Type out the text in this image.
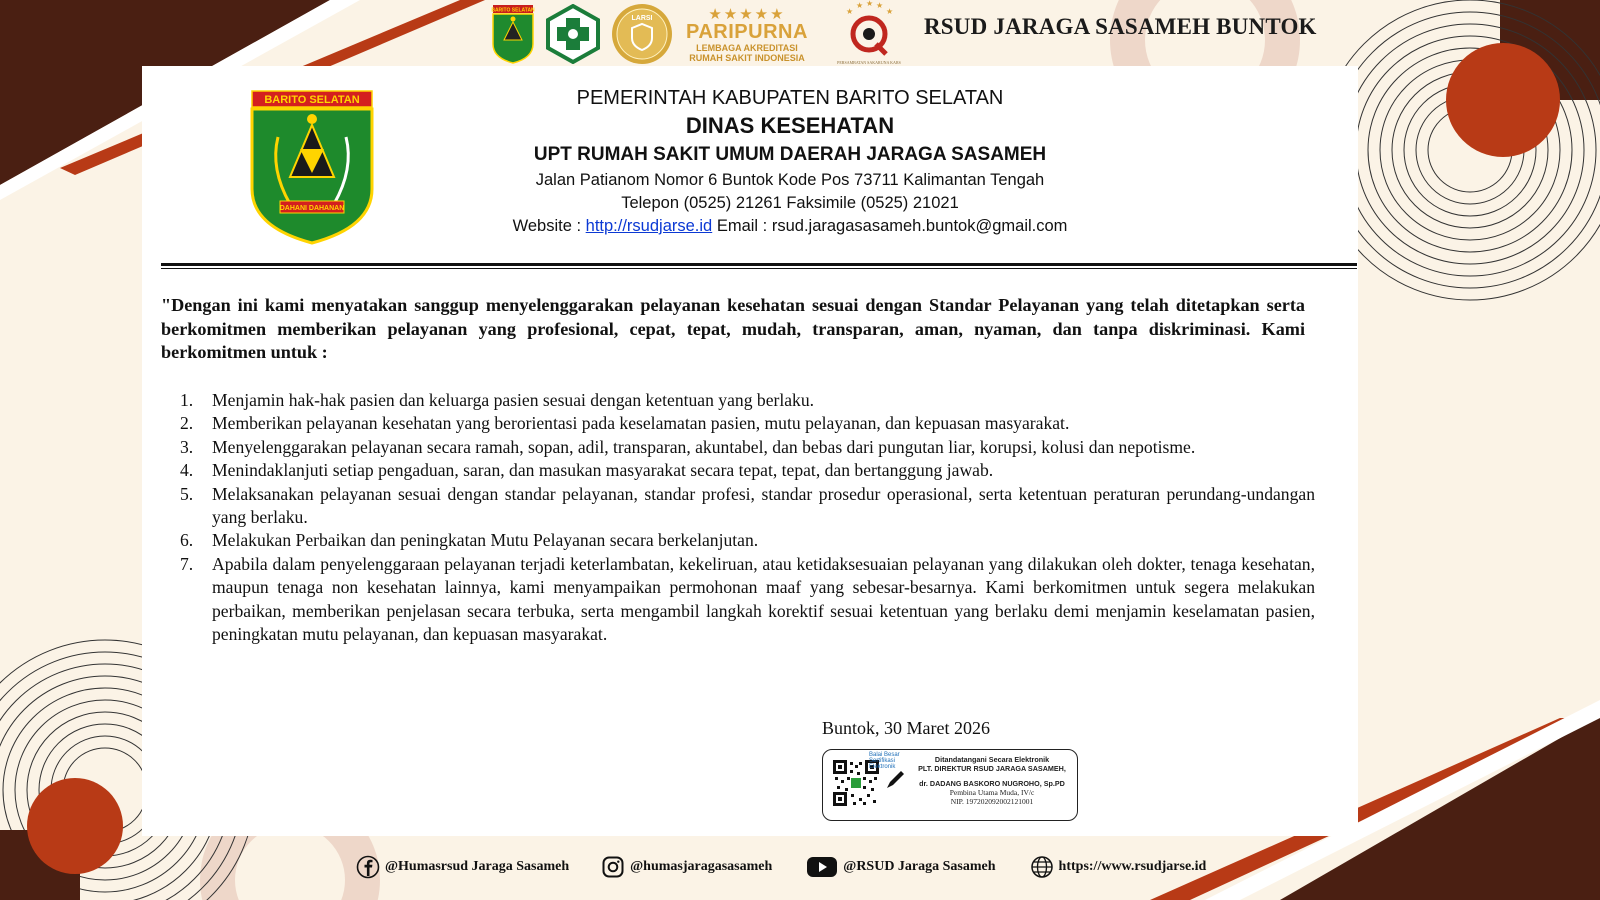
BARITO SELATAN
LARSI	★★★★★
PARIPURNA
LEMBAGA AKREDITASI
RUMAH SAKIT INDONESIA
★
★ ★ ★
★
PERSAMBATAN SAKARUNA KARS
RSUD JARAGA SASAMEH BUNTOK
BARITO SELATAN
DAHANI DAHANAN
PEMERINTAH KABUPATEN BARITO SELATAN
DINAS KESEHATAN
UPT RUMAH SAKIT UMUM DAERAH JARAGA SASAMEH
Jalan Patianom Nomor 6 Buntok Kode Pos 73711 Kalimantan Tengah
Telepon (0525) 21261 Faksimile (0525) 21021
Website : http://rsudjarse.id Email : rsud.jaragasasameh.buntok@gmail.com
"Dengan ini kami menyatakan sanggup menyelenggarakan pelayanan kesehatan sesuai dengan Standar Pelayanan yang telah ditetapkan serta berkomitmen memberikan pelayanan yang profesional, cepat, tepat, mudah, transparan, aman, nyaman, dan tanpa diskriminasi. Kami berkomitmen untuk :
1.	Menjamin hak-hak pasien dan keluarga pasien sesuai dengan ketentuan yang berlaku.
2.	Memberikan pelayanan kesehatan yang berorientasi pada keselamatan pasien, mutu pelayanan, dan kepuasan masyarakat.
3.	Menyelenggarakan pelayanan secara ramah, sopan, adil, transparan, akuntabel, dan bebas dari pungutan liar, korupsi, kolusi dan nepotisme.
4.	Menindaklanjuti setiap pengaduan, saran, dan masukan masyarakat secara tepat, tepat, dan bertanggung jawab.
5.	Melaksanakan pelayanan sesuai dengan standar pelayanan, standar profesi, standar prosedur operasional, serta ketentuan peraturan perundang-undangan yang berlaku.
6.	Melakukan Perbaikan dan peningkatan Mutu Pelayanan secara berkelanjutan.
7.	Apabila dalam penyelenggaraan pelayanan terjadi keterlambatan, kekeliruan, atau ketidaksesuaian pelayanan yang dilakukan oleh dokter, tenaga kesehatan, maupun tenaga non kesehatan lainnya, kami menyampaikan permohonan maaf yang sebesar-besarnya. Kami berkomitmen untuk segera melakukan perbaikan, memberikan penjelasan secara terbuka, serta mengambil langkah korektif sesuai ketentuan yang berlaku demi menjamin keselamatan pasien, peningkatan mutu pelayanan, dan kepuasan masyarakat.
Buntok, 30 Maret 2026
Balai Besar Sertifikasi Elektronik
Ditandatangani Secara Elektronik
PLT. DIREKTUR RSUD JARAGA SASAMEH,
dr. DADANG BASKORO NUGROHO, Sp.PD
Pembina Utama Muda, IV/c
NIP. 197202092002121001
@Humasrsud Jaraga Sasameh	@humasjaragasasameh	@RSUD Jaraga Sasameh	https://www.rsudjarse.id
